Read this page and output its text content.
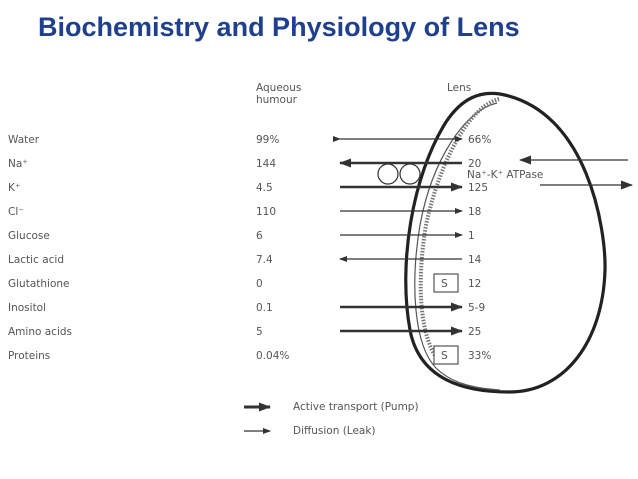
Biochemistry and Physiology of Lens
Aqueous
humour
Lens
Water	99%	66%
Na⁺	144	20
K⁺	4.5	125
Cl⁻	110	18
Glucose	6	1
Lactic acid	7.4	14
Glutathione	0	12
S
Inositol	0.1	5-9
Amino acids	5	25
Proteins	0.04%	33%
S
Na⁺-K⁺ ATPase
Active transport (Pump)
Diffusion (Leak)
